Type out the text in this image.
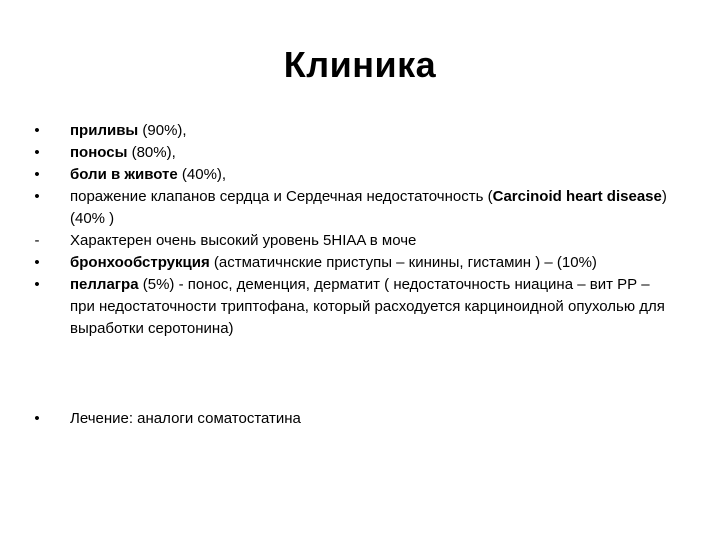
Клиника
• приливы (90%),
• поносы (80%),
• боли в животе (40%),
• поражение клапанов сердца и Сердечная недостаточность (Carcinoid heart disease) (40% )
-	Характерен очень высокий уровень 5HIAA в моче
• бронхообструкция (астматичнские приступы – кинины, гистамин ) – (10%)
• пеллагра (5%) - понос, деменция, дерматит ( недостаточность ниацина – вит РР – при недостаточности триптофана, который расходуется карциноидной опухолью для выработки серотонина)
• Лечение: аналоги соматостатина
